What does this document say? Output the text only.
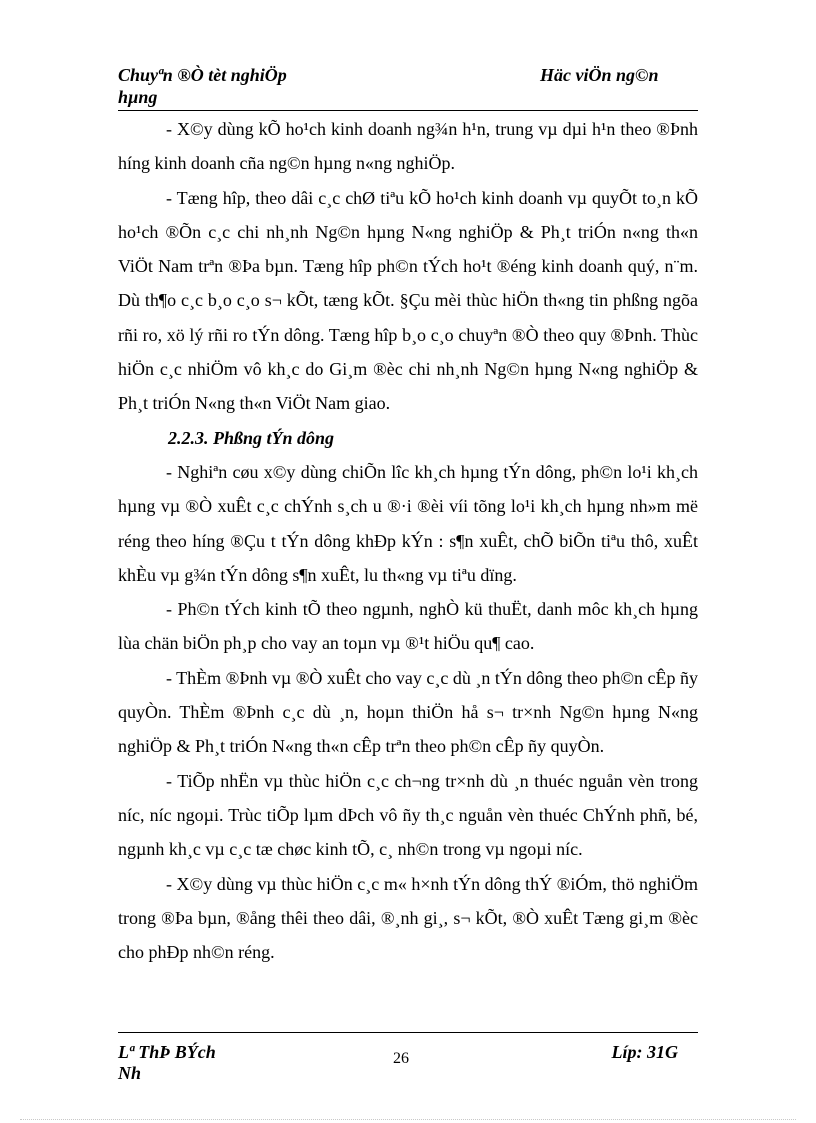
Chuyªn ®Ò tèt nghiÖp hµng
Häc viÖn ng©n

- X©y dùng kÕ ho¹ch kinh doanh ng¾n h¹n, trung vµ dµi h¹n theo ®Þnh híng kinh doanh cña ng©n hµng n«ng nghiÖp.

- Tæng hîp, theo dâi c¸c chØ tiªu kÕ ho¹ch kinh doanh vµ quyÕt to¸n kÕ ho¹ch ®Õn c¸c chi nh¸nh Ng©n hµng N«ng nghiÖp & Ph¸t triÓn n«ng th«n ViÖt Nam trªn ®Þa bµn. Tæng hîp ph©n tÝch ho¹t ®éng kinh doanh quý, n¨m. Dù th¶o c¸c b¸o c¸o s¬ kÕt, tæng kÕt. §Çu mèi thùc hiÖn th«ng tin phßng ngõa rñi ro, xö lý rñi ro tÝn dông. Tæng hîp b¸o c¸o chuyªn ®Ò theo quy ®Þnh. Thùc hiÖn c¸c nhiÖm vô kh¸c do Gi¸m ®èc chi nh¸nh Ng©n hµng N«ng nghiÖp & Ph¸t triÓn N«ng th«n ViÖt Nam giao.

2.2.3. Phßng tÝn dông

- Nghiªn cøu x©y dùng chiÕn lîc kh¸ch hµng tÝn dông, ph©n lo¹i kh¸ch hµng vµ ®Ò xuÊt c¸c chÝnh s¸ch u ®·i ®èi víi tõng lo¹i kh¸ch hµng nh»m më réng theo híng ®Çu t tÝn dông khÐp kÝn : s¶n xuÊt, chÕ biÕn tiªu thô, xuÊt khÈu vµ g¾n tÝn dông s¶n xuÊt, lu th«ng vµ tiªu dïng.

- Ph©n tÝch kinh tÕ theo ngµnh, nghÒ kü thuËt, danh môc kh¸ch hµng lùa chän biÖn ph¸p cho vay an toµn vµ ®¹t hiÖu qu¶ cao.

- ThÈm ®Þnh vµ ®Ò xuÊt cho vay c¸c dù ¸n tÝn dông theo ph©n cÊp ñy quyÒn. ThÈm ®Þnh c¸c dù ¸n, hoµn thiÖn hå s¬ tr×nh Ng©n hµng N«ng nghiÖp & Ph¸t triÓn N«ng th«n cÊp trªn theo ph©n cÊp ñy quyÒn.

- TiÕp nhËn vµ thùc hiÖn c¸c ch¬ng tr×nh dù ¸n thuéc nguån vèn trong níc, níc ngoµi. Trùc tiÕp lµm dÞch vô ñy th¸c nguån vèn thuéc ChÝnh phñ, bé, ngµnh kh¸c vµ c¸c tæ chøc kinh tÕ, c¸ nh©n trong vµ ngoµi níc.

- X©y dùng vµ thùc hiÖn c¸c m« h×nh tÝn dông thÝ ®iÓm, thö nghiÖm trong ®Þa bµn, ®ång thêi theo dâi, ®¸nh gi¸, s¬ kÕt, ®Ò xuÊt Tæng gi¸m ®èc cho phÐp nh©n réng.

Lª ThÞ BÝch Nh
26	Líp: 31G
